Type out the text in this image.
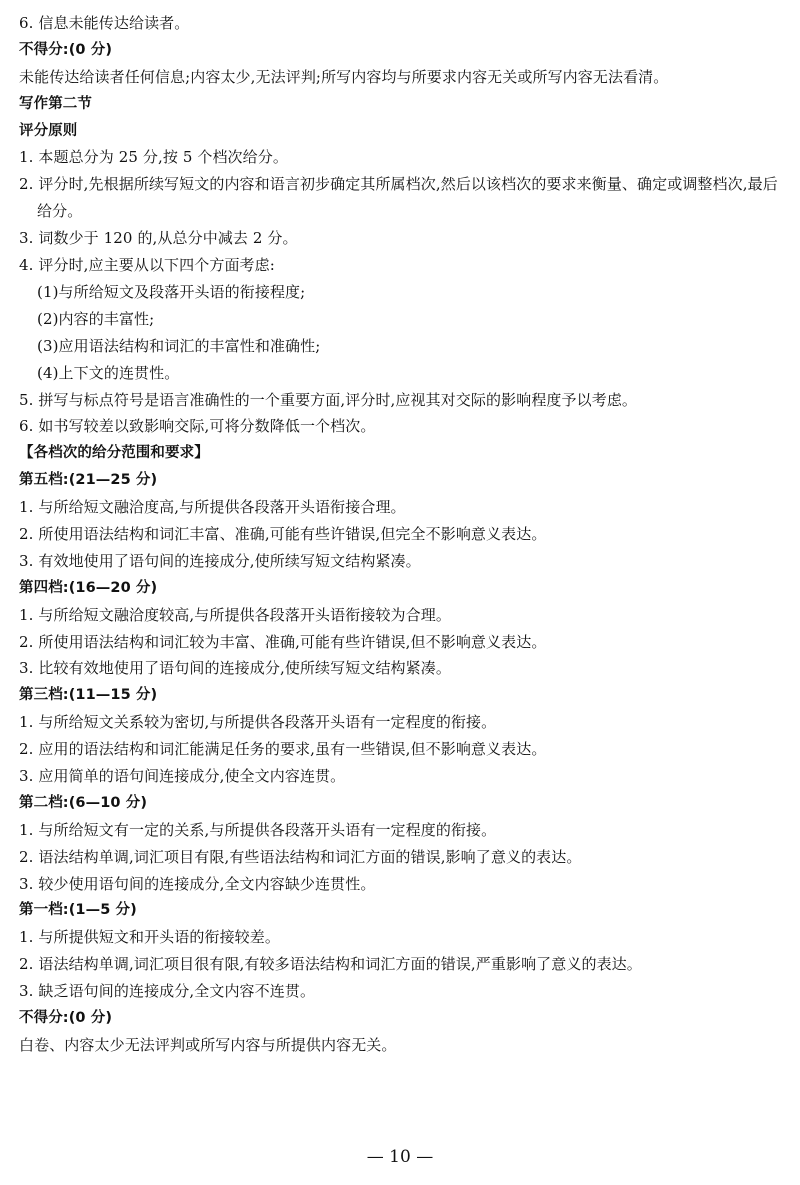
6. 信息未能传达给读者。
不得分:(0 分)
未能传达给读者任何信息;内容太少,无法评判;所写内容均与所要求内容无关或所写内容无法看清。
写作第二节
评分原则
1. 本题总分为 25 分,按 5 个档次给分。
2. 评分时,先根据所续写短文的内容和语言初步确定其所属档次,然后以该档次的要求来衡量、确定或调整档次,最后给分。
3. 词数少于 120 的,从总分中减去 2 分。
4. 评分时,应主要从以下四个方面考虑:
(1)与所给短文及段落开头语的衔接程度;
(2)内容的丰富性;
(3)应用语法结构和词汇的丰富性和准确性;
(4)上下文的连贯性。
5. 拼写与标点符号是语言准确性的一个重要方面,评分时,应视其对交际的影响程度予以考虑。
6. 如书写较差以致影响交际,可将分数降低一个档次。
【各档次的给分范围和要求】
第五档:(21—25 分)
1. 与所给短文融洽度高,与所提供各段落开头语衔接合理。
2. 所使用语法结构和词汇丰富、准确,可能有些许错误,但完全不影响意义表达。
3. 有效地使用了语句间的连接成分,使所续写短文结构紧凑。
第四档:(16—20 分)
1. 与所给短文融洽度较高,与所提供各段落开头语衔接较为合理。
2. 所使用语法结构和词汇较为丰富、准确,可能有些许错误,但不影响意义表达。
3. 比较有效地使用了语句间的连接成分,使所续写短文结构紧凑。
第三档:(11—15 分)
1. 与所给短文关系较为密切,与所提供各段落开头语有一定程度的衔接。
2. 应用的语法结构和词汇能满足任务的要求,虽有一些错误,但不影响意义表达。
3. 应用简单的语句间连接成分,使全文内容连贯。
第二档:(6—10 分)
1. 与所给短文有一定的关系,与所提供各段落开头语有一定程度的衔接。
2. 语法结构单调,词汇项目有限,有些语法结构和词汇方面的错误,影响了意义的表达。
3. 较少使用语句间的连接成分,全文内容缺少连贯性。
第一档:(1—5 分)
1. 与所提供短文和开头语的衔接较差。
2. 语法结构单调,词汇项目很有限,有较多语法结构和词汇方面的错误,严重影响了意义的表达。
3. 缺乏语句间的连接成分,全文内容不连贯。
不得分:(0 分)
白卷、内容太少无法评判或所写内容与所提供内容无关。
— 10 —
